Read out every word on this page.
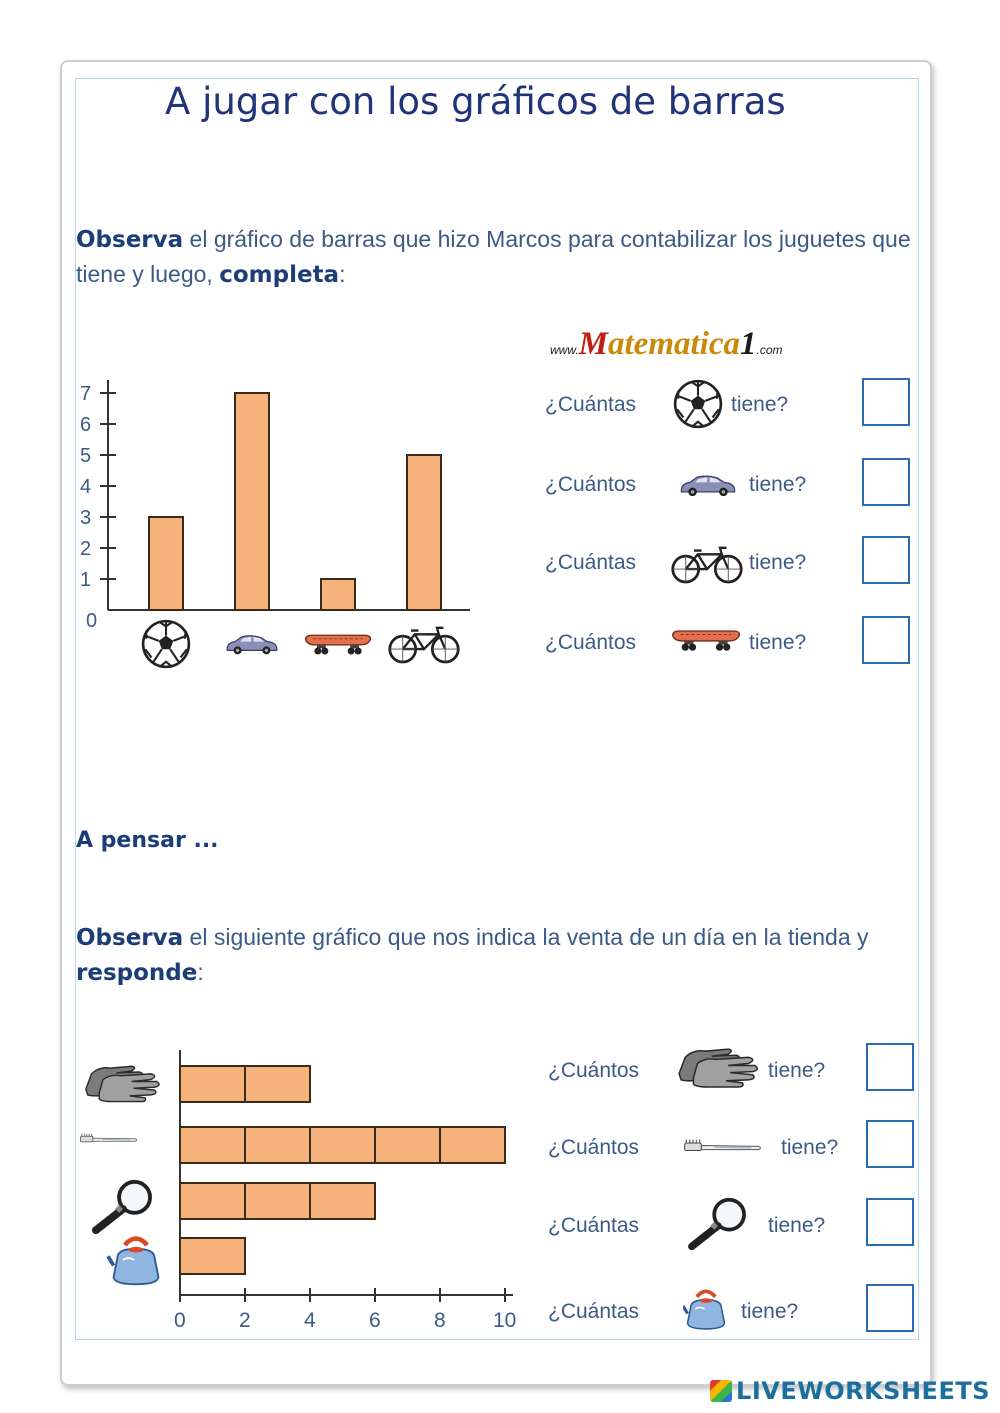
A jugar con los gráficos de barras
Observa el gráfico de barras que hizo Marcos para contabilizar los juguetes que tiene y luego, completa:
www.Matematica1.com
0
1
2
3
4
5
6
7	¿Cuántas	tiene?
¿Cuántos	tiene?
¿Cuántas	tiene?
¿Cuántos	tiene?
A pensar ...
Observa el siguiente gráfico que nos indica la venta de un día en la tienda y responde:
0	2	4	6	8 10
¿Cuántos	tiene?
¿Cuántos	tiene?
¿Cuántas	tiene?
¿Cuántas	tiene?
LIVEWORKSHEETS
